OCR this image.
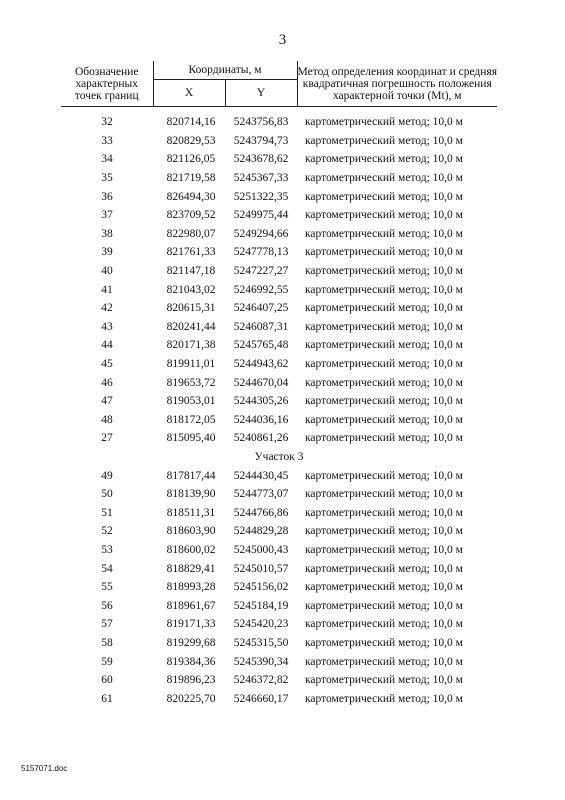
3
Обозначение характерных точек границ	Координаты, м		Метод определения координат и средняя квадратичная погрешность положения характерной точки (Mt), м
	X	Y	

32	820714,16	5243756,83	картометрический метод; 10,0 м
33	820829,53	5243794,73	картометрический метод; 10,0 м
34	821126,05	5243678,62	картометрический метод; 10,0 м
35	821719,58	5245367,33	картометрический метод; 10,0 м
36	826494,30	5251322,35	картометрический метод; 10,0 м
37	823709,52	5249975,44	картометрический метод; 10,0 м
38	822980,07	5249294,66	картометрический метод; 10,0 м
39	821761,33	5247778,13	картометрический метод; 10,0 м
40	821147,18	5247227,27	картометрический метод; 10,0 м
41	821043,02	5246992,55	картометрический метод; 10,0 м
42	820615,31	5246407,25	картометрический метод; 10,0 м
43	820241,44	5246087,31	картометрический метод; 10,0 м
44	820171,38	5245765,48	картометрический метод; 10,0 м
45	819911,01	5244943,62	картометрический метод; 10,0 м
46	819653,72	5244670,04	картометрический метод; 10,0 м
47	819053,01	5244305,26	картометрический метод; 10,0 м
48	818172,05	5244036,16	картометрический метод; 10,0 м
27	815095,40	5240861,26	картометрический метод; 10,0 м
Участок 3			
49	817817,44	5244430,45	картометрический метод; 10,0 м
50	818139,90	5244773,07	картометрический метод; 10,0 м
51	818511,31	5244766,86	картометрический метод; 10,0 м
52	818603,90	5244829,28	картометрический метод; 10,0 м
53	818600,02	5245000,43	картометрический метод; 10,0 м
54	818829,41	5245010,57	картометрический метод; 10,0 м
55	818993,28	5245156,02	картометрический метод; 10,0 м
56	818961,67	5245184,19	картометрический метод; 10,0 м
57	819171,33	5245420,23	картометрический метод; 10,0 м
58	819299,68	5245315,50	картометрический метод; 10,0 м
59	819384,36	5245390,34	картометрический метод; 10,0 м
60	819896,23	5246372,82	картометрический метод; 10,0 м
61	820225,70	5246660,17	картометрический метод; 10,0 м
5157071.doc
